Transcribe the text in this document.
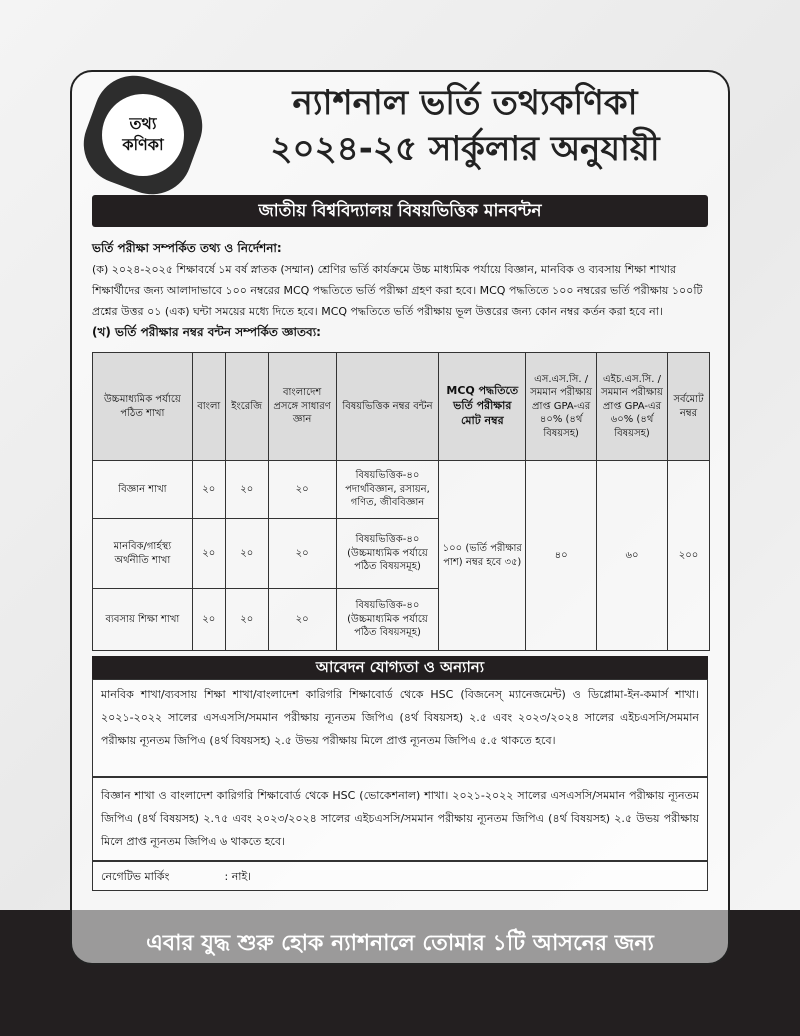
এবার যুদ্ধ শুরু হোক ন্যাশনালে তোমার ১টি আসনের জন্য
তথ্য
কণিকা
ন্যাশনাল ভর্তি তথ্যকণিকা
২০২৪-২৫ সার্কুলার অনুযায়ী
জাতীয় বিশ্ববিদ্যালয় বিষয়ভিত্তিক মানবন্টন
ভর্তি পরীক্ষা সম্পর্কিত তথ্য ও নির্দেশনা:
(ক) ২০২৪-২০২৫ শিক্ষাবর্ষে ১ম বর্ষ স্নাতক (সম্মান) শ্রেণির ভর্তি কার্যক্রমে উচ্চ মাধ্যমিক পর্যায়ে বিজ্ঞান, মানবিক ও ব্যবসায় শিক্ষা শাখার শিক্ষার্থীদের জন্য আলাদাভাবে ১০০ নম্বরের MCQ পদ্ধতিতে ভর্তি পরীক্ষা গ্রহণ করা হবে। MCQ পদ্ধতিতে ১০০ নম্বরের ভর্তি পরীক্ষায় ১০০টি প্রশ্নের উত্তর ০১ (এক) ঘন্টা সময়ের মধ্যে দিতে হবে। MCQ পদ্ধতিতে ভর্তি পরীক্ষায় ভূল উত্তরের জন্য কোন নম্বর কর্তন করা হবে না।
(খ) ভর্তি পরীক্ষার নম্বর বন্টন সম্পর্কিত জ্ঞাতব্য:
উচ্চমাধ্যমিক পর্যায়ে পঠিত শাখা	বাংলা	ইংরেজি	বাংলাদেশ প্রসঙ্গে সাধারণ জ্ঞান	বিষয়ভিত্তিক নম্বর বন্টন	MCQ পদ্ধতিতে ভর্তি পরীক্ষার মোট নম্বর	এস.এস.সি. /সমমান পরীক্ষায় প্রাপ্ত GPA-এর ৪০% (৪র্থ বিষয়সহ)	এইচ.এস.সি. /সমমান পরীক্ষায় প্রাপ্ত GPA-এর ৬০% (৪র্থ বিষয়সহ)	সর্বমোট নম্বর
বিজ্ঞান শাখা	২০	২০	২০	বিষয়ভিত্তিক-৪০ পদার্থবিজ্ঞান, রসায়ন, গণিত, জীববিজ্ঞান	১০০ (ভর্তি পরীক্ষার পাশ) নম্বর হবে ৩৫)	৪০	৬০	২০০
মানবিক/গার্হস্থ্য অর্থনীতি শাখা	২০	২০	২০	বিষয়ভিত্তিক-৪০ (উচ্চমাধ্যমিক পর্যায়ে পঠিত বিষয়সমূহ)				
ব্যবসায় শিক্ষা শাখা	২০	২০	২০	বিষয়ভিত্তিক-৪০ (উচ্চমাধ্যমিক পর্যায়ে পঠিত বিষয়সমূহ)				
আবেদন যোগ্যতা ও অন্যান্য
মানবিক শাখা/ব্যবসায় শিক্ষা শাখা/বাংলাদেশ কারিগরি শিক্ষাবোর্ড থেকে HSC (বিজনেস্ ম্যানেজমেন্ট) ও ডিপ্লোমা-ইন-কমার্স শাখা। ২০২১-২০২২ সালের এসএসসি/সমমান পরীক্ষায় ন্যূনতম জিপিএ (৪র্থ বিষয়সহ) ২.৫ এবং ২০২৩/২০২৪ সালের এইচএসসি/সমমান পরীক্ষায় ন্যূনতম জিপিএ (৪র্থ বিষয়সহ) ২.৫ উভয় পরীক্ষায় মিলে প্রাপ্ত ন্যূনতম জিপিএ ৫.৫ থাকতে হবে।
বিজ্ঞান শাখা ও বাংলাদেশ কারিগরি শিক্ষাবোর্ড থেকে HSC (ভোকেশনাল) শাখা। ২০২১-২০২২ সালের এসএসসি/সমমান পরীক্ষায় ন্যূনতম জিপিএ (৪র্থ বিষয়সহ) ২.৭৫ এবং ২০২৩/২০২৪ সালের এইচএসসি/সমমান পরীক্ষায় ন্যূনতম জিপিএ (৪র্থ বিষয়সহ) ২.৫ উভয় পরীক্ষায় মিলে প্রাপ্ত ন্যূনতম জিপিএ ৬ থাকতে হবে।
নেগেটিভ মার্কিং	: নাই।
